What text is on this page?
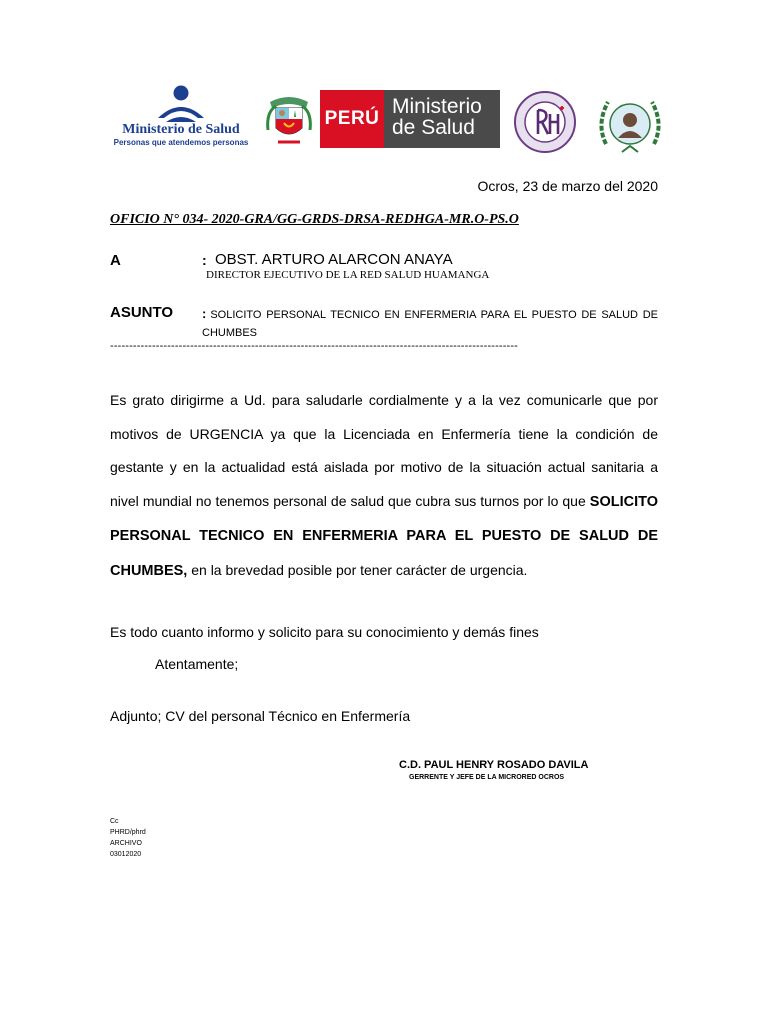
Ministerio de Salud
Personas que atendemos personas
PERÚ
Ministerio
de Salud
Ocros, 23 de marzo del 2020
OFICIO N° 034- 2020-GRA/GG-GRDS-DRSA-REDHGA-MR.O-PS.O
A	: OBST. ARTURO ALARCON ANAYA
DIRECTOR EJECUTIVO DE LA RED SALUD HUAMANGA
ASUNTO : SOLICITO PERSONAL TECNICO EN ENFERMERIA PARA EL PUESTO DE SALUD DE CHUMBES
-----------------------------------------------------------------------------------------------------------
Es grato dirigirme a Ud. para saludarle cordialmente y a la vez comunicarle que por motivos de URGENCIA ya que la Licenciada en Enfermería tiene la condición de gestante y en la actualidad está aislada por motivo de la situación actual sanitaria a nivel mundial no tenemos personal de salud que cubra sus turnos por lo que SOLICITO PERSONAL TECNICO EN ENFERMERIA PARA EL PUESTO DE SALUD DE CHUMBES, en la brevedad posible por tener carácter de urgencia.
Es todo cuanto informo y solicito para su conocimiento y demás fines
Atentamente;
Adjunto; CV del personal Técnico en Enfermería
C.D. PAUL HENRY ROSADO DAVILA
GERRENTE Y JEFE DE LA MICRORED OCROS
Cc
PHRD/phrd
ARCHIVO
03012020
